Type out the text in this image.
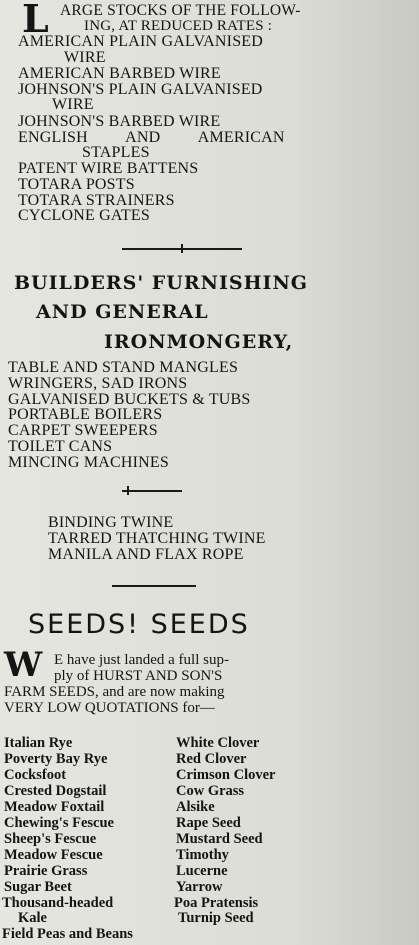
L ARGE STOCKS OF THE FOLLOW-
ING, AT REDUCED RATES :
AMERICAN PLAIN GALVANISED
WIRE
AMERICAN BARBED WIRE
JOHNSON'S PLAIN GALVANISED
WIRE
JOHNSON'S BARBED WIRE
ENGLISH AND AMERICAN
STAPLES
PATENT WIRE BATTENS
TOTARA POSTS
TOTARA STRAINERS
CYCLONE GATES
BUILDERS' FURNISHING
AND GENERAL
IRONMONGERY,
TABLE AND STAND MANGLES
WRINGERS, SAD IRONS
GALVANISED BUCKETS & TUBS
PORTABLE BOILERS
CARPET SWEEPERS
TOILET CANS
MINCING MACHINES
BINDING TWINE
TARRED THATCHING TWINE
MANILA AND FLAX ROPE
SEEDS! SEEDS
W E have just landed a full sup-
ply of HURST AND SON'S
FARM SEEDS, and are now making
VERY LOW QUOTATIONS for—
Italian Rye
Poverty Bay Rye
Cocksfoot
Crested Dogstail
Meadow Foxtail
Chewing's Fescue
Sheep's Fescue
Meadow Fescue
Prairie Grass
Sugar Beet
Thousand-headed
Kale
Field Peas and Beans
White Clover
Red Clover
Crimson Clover
Cow Grass
Alsike
Rape Seed
Mustard Seed
Timothy
Lucerne
Yarrow
Poa Pratensis
Turnip Seed
